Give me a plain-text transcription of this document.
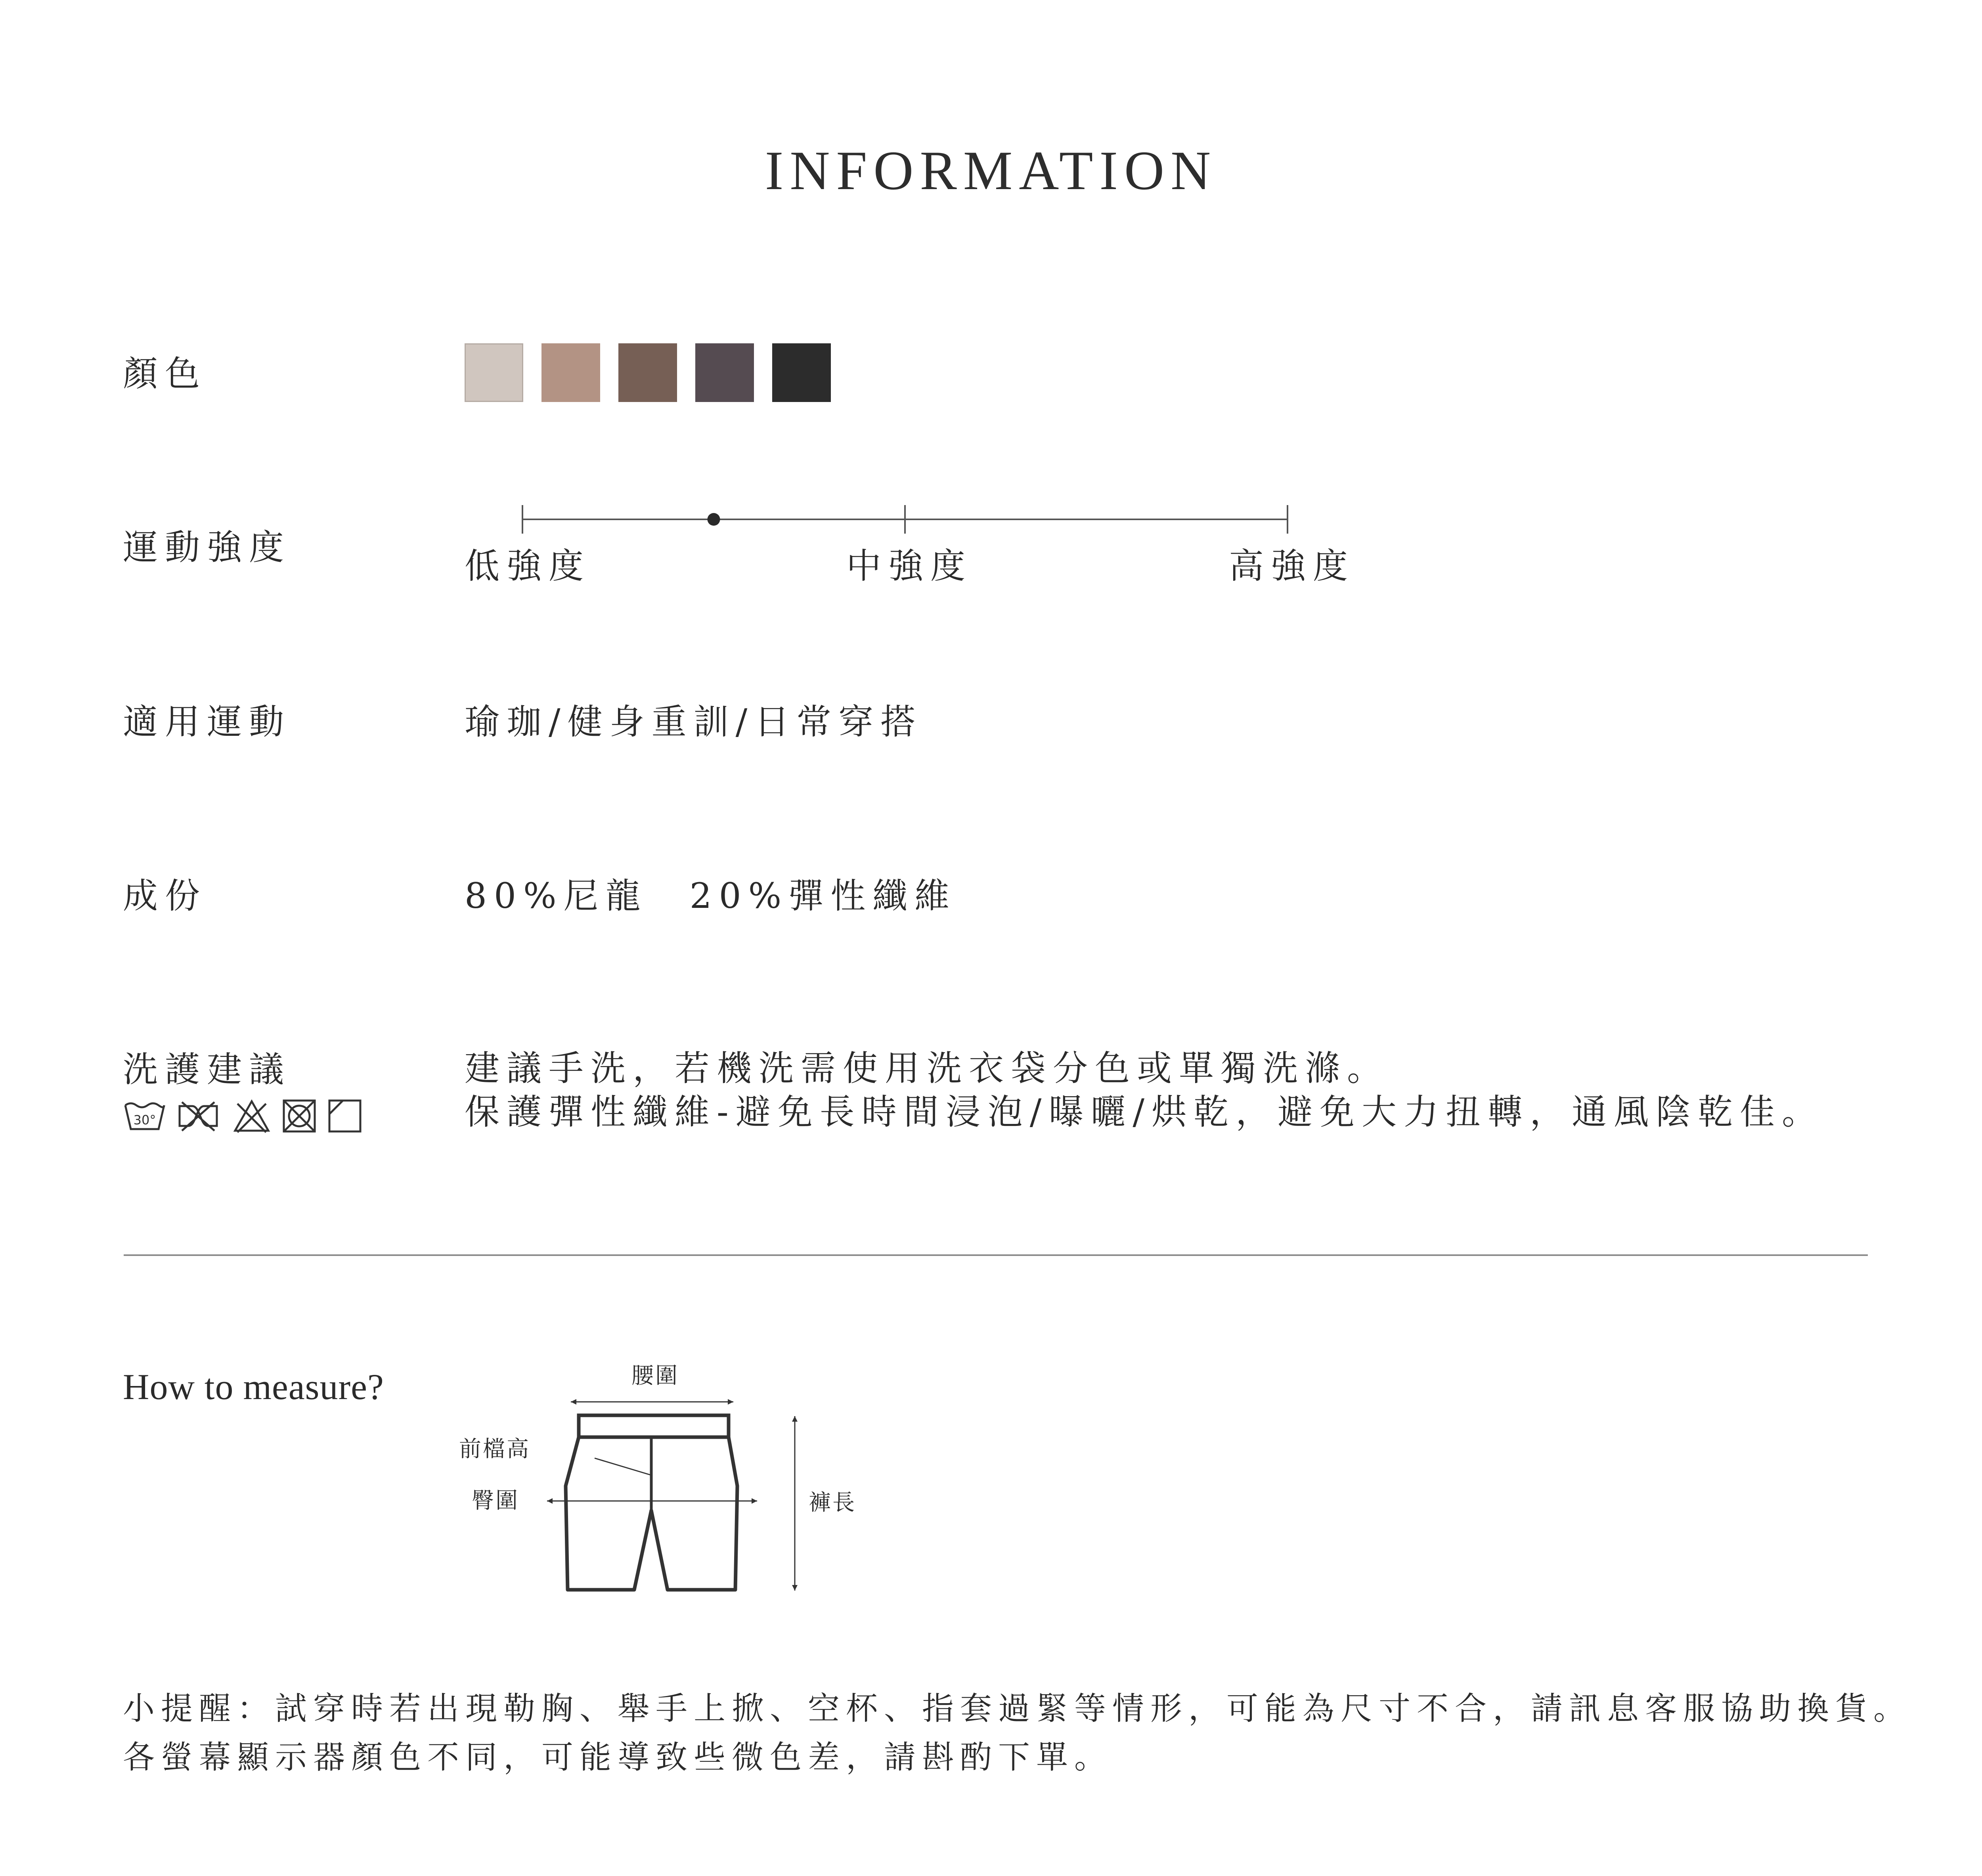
INFORMATION
顏色
運動強度	低強度	中強度	高強度
適用運動	瑜珈/健身重訓/日常穿搭
成份	80%尼龍　20%彈性纖維
洗護建議	建議手洗，若機洗需使用洗衣袋分色或單獨洗滌。
保護彈性纖維-避免長時間浸泡/曝曬/烘乾，避免大力扭轉，通風陰乾佳。
30°
How to measure?	腰圍
前檔高
臀圍	褲長
小提醒：試穿時若出現勒胸、舉手上掀、空杯、指套過緊等情形，可能為尺寸不合，請訊息客服協助換貨。
各螢幕顯示器顏色不同，可能導致些微色差，請斟酌下單。
